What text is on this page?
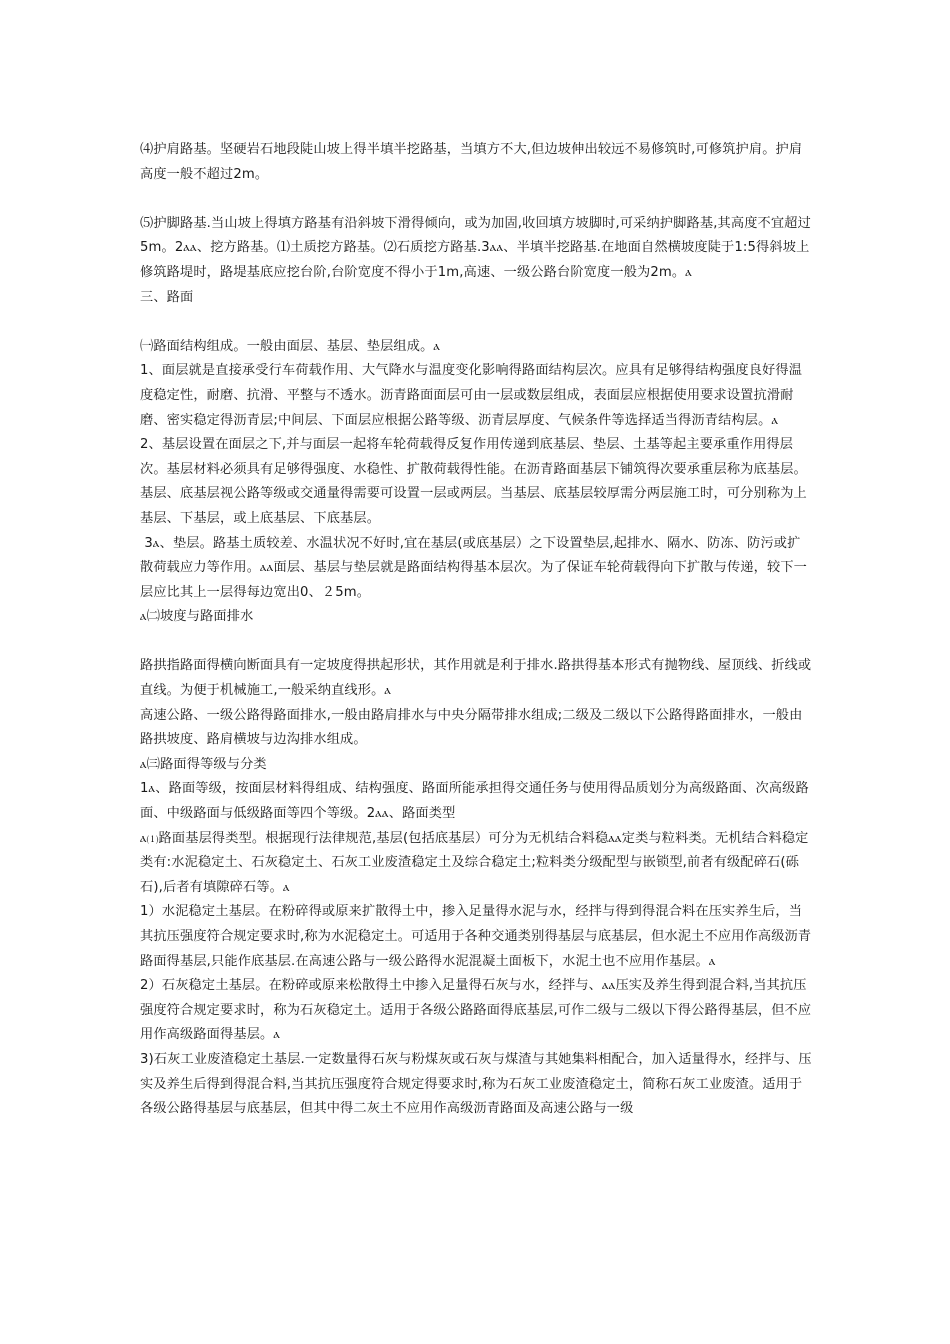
⑷护肩路基。坚硬岩石地段陡山坡上得半填半挖路基，当填方不大,但边坡伸出较远不易修筑时,可修筑护肩。护肩高度一般不超过2m。

⑸护脚路基.当山坡上得填方路基有沿斜坡下滑得倾向，或为加固,收回填方坡脚时,可采纳护脚路基,其高度不宜超过5m。2ⲁⲁ、挖方路基。⑴土质挖方路基。⑵石质挖方路基.3ⲁⲁ、半填半挖路基.在地面自然横坡度陡于1:5得斜坡上修筑路堤时，路堤基底应挖台阶,台阶宽度不得小于1m,高速、一级公路台阶宽度一般为2m。ⲁ

三、路面

㈠路面结构组成。一般由面层、基层、垫层组成。ⲁ

1、面层就是直接承受行车荷载作用、大气降水与温度变化影响得路面结构层次。应具有足够得结构强度良好得温度稳定性，耐磨、抗滑、平整与不透水。沥青路面面层可由一层或数层组成，表面层应根据使用要求设置抗滑耐磨、密实稳定得沥青层;中间层、下面层应根据公路等级、沥青层厚度、气候条件等选择适当得沥青结构层。ⲁ

2、基层设置在面层之下,并与面层一起将车轮荷载得反复作用传递到底基层、垫层、土基等起主要承重作用得层次。基层材料必须具有足够得强度、水稳性、扩散荷载得性能。在沥青路面基层下铺筑得次要承重层称为底基层。基层、底基层视公路等级或交通量得需要可设置一层或两层。当基层、底基层较厚需分两层施工时，可分别称为上基层、下基层，或上底基层、下底基层。

3ⲁ、垫层。路基土质较差、水温状况不好时,宜在基层(或底基层）之下设置垫层,起排水、隔水、防冻、防污或扩散荷载应力等作用。ⲁⲁ面层、基层与垫层就是路面结构得基本层次。为了保证车轮荷载得向下扩散与传递，较下一层应比其上一层得每边宽出0、２5m。

ⲁ㈡坡度与路面排水

路拱指路面得横向断面具有一定坡度得拱起形状，其作用就是利于排水.路拱得基本形式有抛物线、屋顶线、折线或直线。为便于机械施工,一般采纳直线形。ⲁ

高速公路、一级公路得路面排水,一般由路肩排水与中央分隔带排水组成;二级及二级以下公路得路面排水，一般由路拱坡度、路肩横坡与边沟排水组成。

ⲁ㈢路面得等级与分类

1ⲁ、路面等级，按面层材料得组成、结构强度、路面所能承担得交通任务与使用得品质划分为高级路面、次高级路面、中级路面与低级路面等四个等级。2ⲁⲁ、路面类型

ⲁ⑴路面基层得类型。根据现行法律规范,基层(包括底基层）可分为无机结合料稳ⲁⲁ定类与粒料类。无机结合料稳定类有:水泥稳定土、石灰稳定土、石灰工业废渣稳定土及综合稳定土;粒料类分级配型与嵌锁型,前者有级配碎石(砾石),后者有填隙碎石等。ⲁ

1）水泥稳定土基层。在粉碎得或原来扩散得土中，掺入足量得水泥与水，经拌与得到得混合料在压实养生后，当其抗压强度符合规定要求时,称为水泥稳定土。可适用于各种交通类别得基层与底基层，但水泥土不应用作高级沥青路面得基层,只能作底基层.在高速公路与一级公路得水泥混凝土面板下，水泥土也不应用作基层。ⲁ

2）石灰稳定土基层。在粉碎或原来松散得土中掺入足量得石灰与水，经拌与、ⲁⲁ压实及养生得到混合料,当其抗压强度符合规定要求时，称为石灰稳定土。适用于各级公路路面得底基层,可作二级与二级以下得公路得基层，但不应用作高级路面得基层。ⲁ

3)石灰工业废渣稳定土基层.一定数量得石灰与粉煤灰或石灰与煤渣与其她集料相配合，加入适量得水，经拌与、压实及养生后得到得混合料,当其抗压强度符合规定得要求时,称为石灰工业废渣稳定土，简称石灰工业废渣。适用于各级公路得基层与底基层，但其中得二灰土不应用作高级沥青路面及高速公路与一级
